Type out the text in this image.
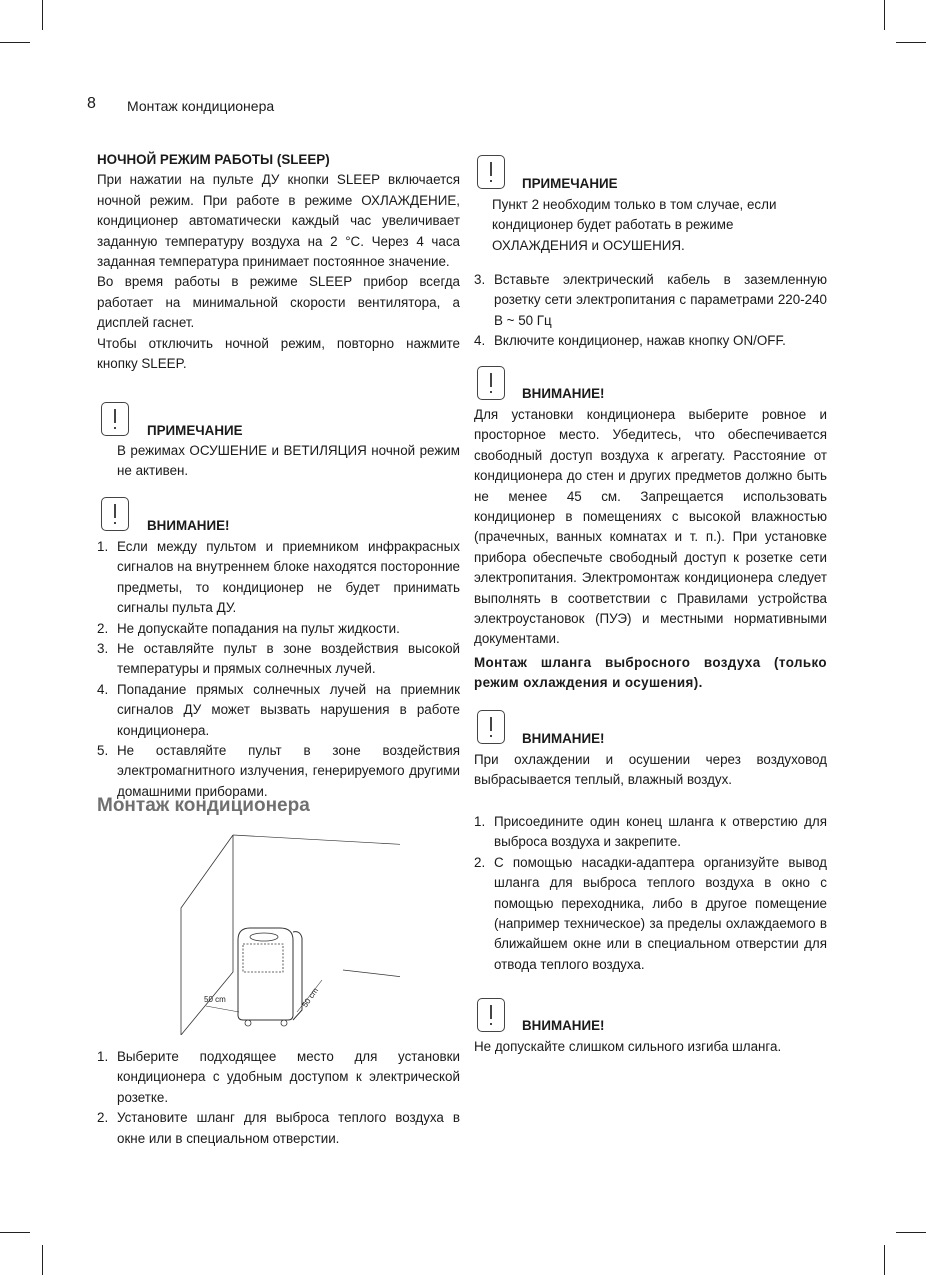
8 Монтаж кондиционера

НОЧНОЙ РЕЖИМ РАБОТЫ (SLEEP)

При нажатии на пульте ДУ кнопки SLEEP включается ночной режим. При работе в режиме ОХЛАЖДЕНИЕ, кондиционер автоматически каждый час увеличивает заданную температуру воздуха на 2 °С. Через 4 часа заданная температура принимает постоянное значение.

Во время работы в режиме SLEEP прибор всегда работает на минимальной скорости вентилятора, а дисплей гаснет.

Чтобы отключить ночной режим, повторно нажмите кнопку SLEEP.

ПРИМЕЧАНИЕ

В режимах ОСУШЕНИЕ и ВЕТИЛЯЦИЯ ночной режим не активен.

ВНИМАНИЕ!
1. Если между пультом и приемником инфракрасных сигналов на внутреннем блоке находятся посторонние предметы, то кондиционер не будет принимать сигналы пульта ДУ.
2. Не допускайте попадания на пульт жидкости.
3. Не оставляйте пульт в зоне воздействия высокой температуры и прямых солнечных лучей.
4. Попадание прямых солнечных лучей на приемник сигналов ДУ может вызвать нарушения в работе кондиционера.
5. Не оставляйте пульт в зоне воздействия электромагнитного излучения, генерируемого другими домашними приборами.
Монтаж кондиционера
50 cm	50 cm
1. Выберите подходящее место для установки кондиционера с удобным доступом к электрической розетке.
2. Установите шланг для выброса теплого воздуха в окне или в специальном отверстии.
ПРИМЕЧАНИЕ

Пункт 2 необходим только в том случае, если кондиционер будет работать в режиме ОХЛАЖДЕНИЯ и ОСУШЕНИЯ.

3. Вставьте электрический кабель в заземленную розетку сети электропитания с параметрами 220-240 В ~ 50 Гц
4. Включите кондиционер, нажав кнопку ON/OFF.
ВНИМАНИЕ!

Для установки кондиционера выберите ровное и просторное место. Убедитесь, что обеспечивается свободный доступ воздуха к агрегату. Расстояние от кондиционера до стен и других предметов должно быть не менее 45 см. Запрещается использовать кондиционер в помещениях с высокой влажностью (прачечных, ванных комнатах и т. п.). При установке прибора обеспечьте свободный доступ к розетке сети электропитания. Электромонтаж кондиционера следует выполнять в соответствии с Правилами устройства электроустановок (ПУЭ) и местными нормативными документами.

Монтаж шланга выбросного воздуха (только режим охлаждения и осушения).

ВНИМАНИЕ!

При охлаждении и осушении через воздуховод выбрасывается теплый, влажный воздух.

1. Присоедините один конец шланга к отверстию для выброса воздуха и закрепите.
2. С помощью насадки-адаптера организуйте вывод шланга для выброса теплого воздуха в окно с помощью переходника, либо в другое помещение (например техническое) за пределы охлаждаемого в ближайшем окне или в специальном отверстии для отвода теплого воздуха.
ВНИМАНИЕ!

Не допускайте слишком сильного изгиба шланга.
